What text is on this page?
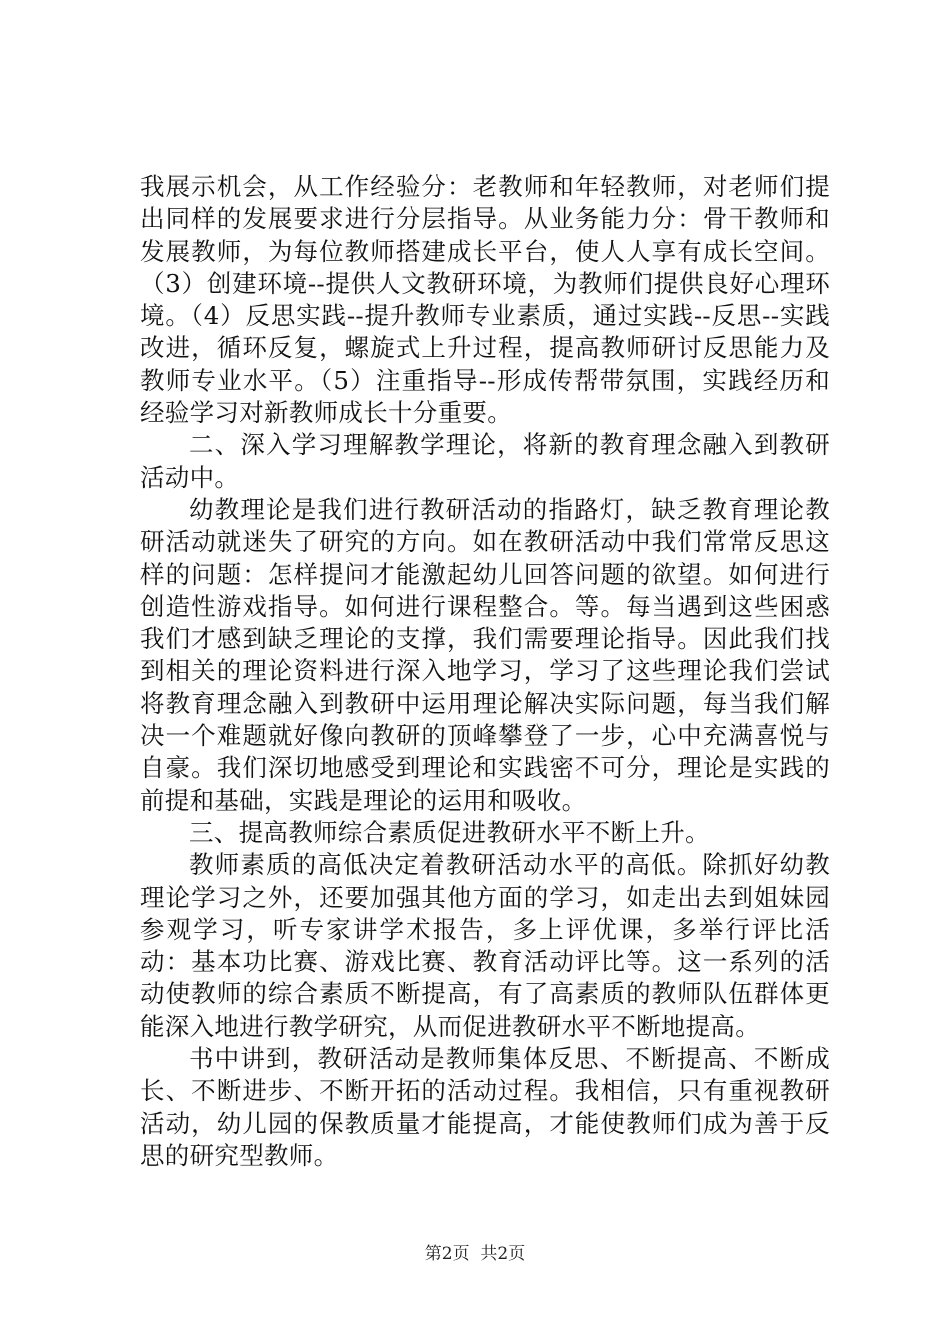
我展示机会，从工作经验分：老教师和年轻教师，对老师们提出同样的发展要求进行分层指导。从业务能力分：骨干教师和发展教师，为每位教师搭建成长平台，使人人享有成长空间。（3）创建环境--提供人文教研环境，为教师们提供良好心理环境。（4）反思实践--提升教师专业素质，通过实践--反思--实践改进，循环反复，螺旋式上升过程，提高教师研讨反思能力及教师专业水平。（5）注重指导--形成传帮带氛围，实践经历和经验学习对新教师成长十分重要。

二、深入学习理解教学理论，将新的教育理念融入到教研活动中。

幼教理论是我们进行教研活动的指路灯，缺乏教育理论教研活动就迷失了研究的方向。如在教研活动中我们常常反思这样的问题：怎样提问才能激起幼儿回答问题的欲望。如何进行创造性游戏指导。如何进行课程整合。等。每当遇到这些困惑我们才感到缺乏理论的支撑，我们需要理论指导。因此我们找到相关的理论资料进行深入地学习，学习了这些理论我们尝试将教育理念融入到教研中运用理论解决实际问题，每当我们解决一个难题就好像向教研的顶峰攀登了一步，心中充满喜悦与自豪。我们深切地感受到理论和实践密不可分，理论是实践的前提和基础，实践是理论的运用和吸收。

三、提高教师综合素质促进教研水平不断上升。

教师素质的高低决定着教研活动水平的高低。除抓好幼教理论学习之外，还要加强其他方面的学习，如走出去到姐妹园参观学习，听专家讲学术报告，多上评优课，多举行评比活动：基本功比赛、游戏比赛、教育活动评比等。这一系列的活动使教师的综合素质不断提高，有了高素质的教师队伍群体更能深入地进行教学研究，从而促进教研水平不断地提高。

书中讲到，教研活动是教师集体反思、不断提高、不断成长、不断进步、不断开拓的活动过程。我相信，只有重视教研活动，幼儿园的保教质量才能提高，才能使教师们成为善于反思的研究型教师。

第2页  共2页
